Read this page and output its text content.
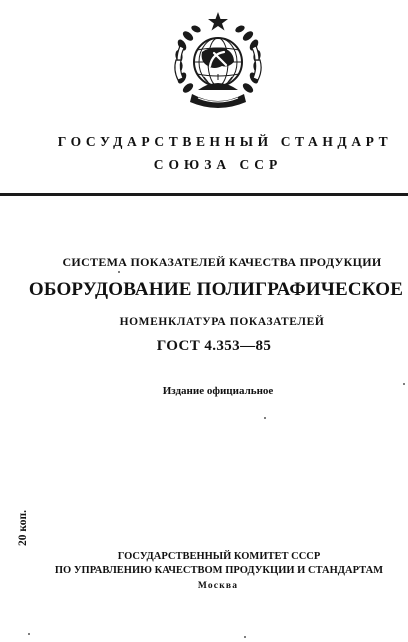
ГОСУДАРСТВЕННЫЙ СТАНДАРТ
СОЮЗА ССР
СИСТЕМА ПОКАЗАТЕЛЕЙ КАЧЕСТВА ПРОДУКЦИИ
ОБОРУДОВАНИЕ ПОЛИГРАФИЧЕСКОЕ
НОМЕНКЛАТУРА ПОКАЗАТЕЛЕЙ
ГОСТ 4.353—85
Издание официальное
20 коп.
ГОСУДАРСТВЕННЫЙ КОМИТЕТ СССР
ПО УПРАВЛЕНИЮ КАЧЕСТВОМ ПРОДУКЦИИ И СТАНДАРТАМ
Москва
